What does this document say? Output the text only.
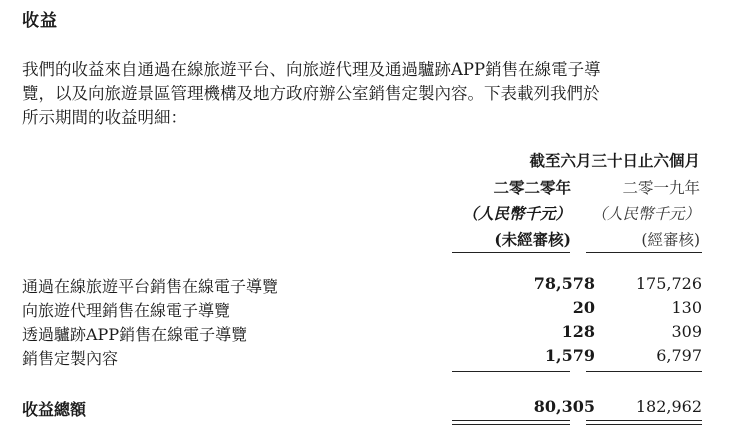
收益

我們的收益來自通過在線旅遊平台、向旅遊代理及通過驢跡APP銷售在線電子導
覽，以及向旅遊景區管理機構及地方政府辦公室銷售定製內容。下表載列我們於
所示期間的收益明細：

截至六月三十日止六個月
二零二零年	二零一九年
（人民幣千元） （人民幣千元）
(未經審核)	(經審核)
通過在線旅遊平台銷售在線電子導覽	78,578	175,726
向旅遊代理銷售在線電子導覽	20	130
透過驢跡APP銷售在線電子導覽	128	309
銷售定製內容	1,579	6,797
收益總額	80,305	182,962
